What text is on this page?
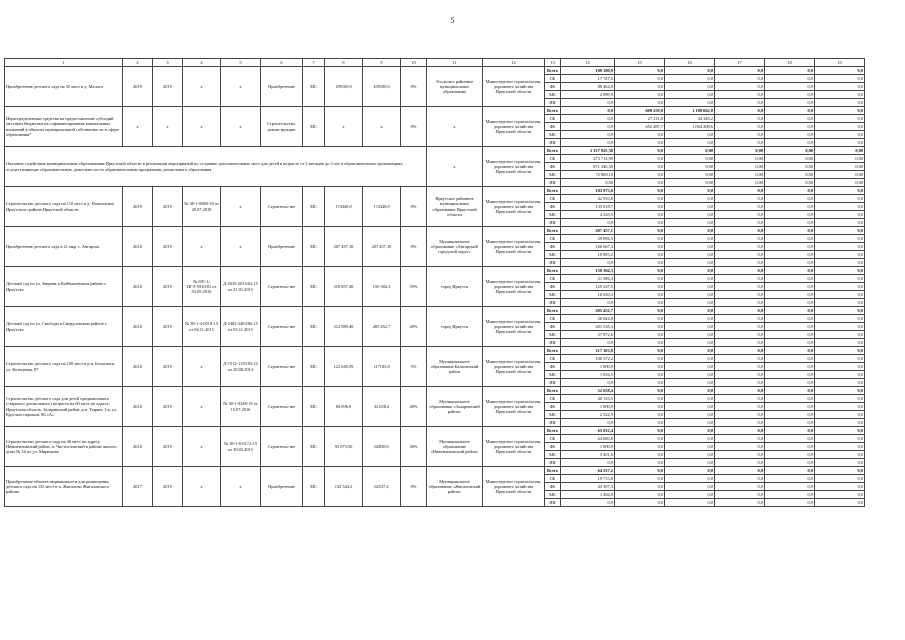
5
1	2	3	4	5	6	7	8	9	10	11	12	13	14	15	16	17	18	19
Приобретение детского сада на 35 мест в д. Малота	2019	2019	х	х	Приобретение	МС	109100,9	109100,9	0%	Усольское районное муниципальное образование	Министерство строительства, дорожного хозяйства Иркутской области	Всего	109 100,9	0,0	0,0	0,0	0,0	0,0
												ОБ	17 747,0	0,0	0,0	0,0	0,0	0,0
												ФБ	88 464,0	0,0	0,0	0,0	0,0	0,0
												МБ	2 889,9	0,0	0,0	0,0	0,0	0,0
												ИИ	0,0	0,0	0,0	0,0	0,0	0,0
Нераспределенные средства на предоставление субсидий местным бюджетам на софинансирование капитальных вложений в объекты муниципальной собственности в сфере образования*	х	х	х	х	Строительство, реконструкция	МС	х	х	0%	х	Министерство строительства, дорожного хозяйства Иркутской области	Всего	0,0	609 259,8	1 108 662,8	0,0	0,0	0,0
												ОБ	0,0	27 211,8	44 348,2	0,0	0,0	0,0
												ФБ	0,0	652 487,7	1 064 208,6	0,0	0,0	0,0
												МБ	0,0	0,0	0,0	0,0	0,0	0,0
												ИИ	0,0	0,0	0,0	0,0	0,0	0,0
Оказание содействия муниципальным образованиям Иркутской области в реализации мероприятий по созданию дополнительных мест для детей в возрасте от 2 месяцев до 3 лет в образовательных организациях, осуществляющих образовательную деятельность по образовательным программам дошкольного образования										х	Министерство строительства, дорожного хозяйства Иркутской области	Всего	1 157 925,38	0,0	0,00	0,00	0,00	0,00
												ОБ	273 713,99	0,0	0,00	0,00	0,00	0,00
												ФБ	871 346,39	0,0	0,00	0,00	0,00	0,00
												МБ	72 869,10	0,0	0,00	0,00	0,00	0,00
												ИИ	0,00	0,0	0,00	0,00	0,00	0,00
Строительство детского сада на 110 мест в д. Новолисиха Иркутского района Иркутской области	2019	2019	№ 38-1-0680-18 от 20.07.2018	х	Строительство	МС	174348,9	174348,9	0%	Иркутское районное муниципальное образование Иркутской области	Министерство строительства, дорожного хозяйства Иркутской области	Всего	183 973,6	0,0	0,0	0,0	0,0	0,0
												ОБ	42 910,8	0,0	0,0	0,0	0,0	0,0
												ФБ	135 818,7	0,0	0,0	0,0	0,0	0,0
												МБ	4 243,5	0,0	0,0	0,0	0,0	0,0
												ИИ	0,0	0,0	0,0	0,0	0,0	0,0
Приобретение детского сада в 21 мкр. г. Ангарска	2018	2019	х	х	Приобретение	МС	207 457,10	207 457,10	0%	Муниципальное образование «Ангарский городской округ»	Министерство строительства, дорожного хозяйства Иркутской области	Всего	207 457,1	0,0	0,0	0,0	0,0	0,0
												ОБ	29 096,5	0,0	0,0	0,0	0,0	0,0
												ФБ	166 667,4	0,0	0,0	0,0	0,0	0,0
												МБ	10 893,2	0,0	0,0	0,0	0,0	0,0
												ИИ	0,0	0,0	0,0	0,0	0,0	0,0
Детский сад по ул. Зверева в Куйбышевском районе г. Иркутска	2018	2019	№ 691-1/ИГЭ-5910/01 от 03.05.2016	Д-2635-2015/02.15 от 21.01.2015	Строительство	МС	318 857,40	150 384,3	59%	город Иркутск	Министерство строительства, дорожного хозяйства Иркутской области	Всего	150 384,3	0,0	0,0	0,0	0,0	0,0
												ОБ	21 586,4	0,0	0,0	0,0	0,0	0,0
												ФБ	129 247,5	0,0	0,0	0,0	0,0	0,0
												МБ	16 630,4	0,0	0,0	0,0	0,0	0,0
												ИИ	0,0	0,0	0,0	0,0	0,0	0,0
Детский сад по ул. Свободы в Свердловском районе г. Иркутска	2018	2019	№ 38-1-4-0518-15 от 04.11.2015	Д-2402-2403/06.15 от 05.11.2015	Строительство	МС	312 989,40	205 452,7	20%	город Иркутск	Министерство строительства, дорожного хозяйства Иркутской области	Всего	205 452,7	0,0	0,0	0,0	0,0	0,0
												ОБ	26 044,8	0,0	0,0	0,0	0,0	0,0
												ФБ	201 535,3	0,0	0,0	0,0	0,0	0,0
												МБ	27 872,6	0,0	0,0	0,0	0,0	0,0
												ИИ	0,0	0,0	0,0	0,0	0,0	0,0
Строительство детского сада на 100 мест в р.п. Балаганск, ул. Кольцевая, 97	2018	2019	х	Д-1512-1155/03.14 от 28.08.2014	Строительство	МС	122 640,59	117103,8	5%	Муниципальное образование Балаганский район	Министерство строительства, дорожного хозяйства Иркутской области	Всего	117 103,8	0,0	0,0	0,0	0,0	0,0
												ОБ	100 372,2	0,0	0,0	0,0	0,0	0,0
												ФБ	1 000,0	0,0	0,0	0,0	0,0	0,0
												МБ	1 816,5	0,0	0,0	0,0	0,0	0,0
												ИИ	0,0	0,0	0,0	0,0	0,0	0,0
Строительство детского сада для детей предшкольного (старшего дошкольного) возраста на 60 мест по адресу: Иркутская область, Заларинский район, р.п. Тырять 1-я, ул. Круглых паромов, 86 «А»	2018	2019	х	№ 38-1-0348-16 от 10.07.2016	Строительство	МС	84 096,0	32 658,4	40%	Муниципальное образование «Заларинский район»	Министерство строительства, дорожного хозяйства Иркутской области	Всего	52 658,4	0,0	0,0	0,0	0,0	0,0
												ОБ	40 133,5	0,0	0,0	0,0	0,0	0,0
												ФБ	1 000,0	0,0	0,0	0,0	0,0	0,0
												МБ	2 522,9	0,0	0,0	0,0	0,0	0,0
												ИИ	0,0	0,0	0,0	0,0	0,0	0,0
Строительство детского сада на 40 мест по адресу: Нижнеилимский район, п. Чистохловский в районе жилого дома № 16 по ул. Мирюкова	2018	2019	х	№ 38-1-6-0172-15 от 30.03.2015	Строительство	МС	93 073,50	64830,8	30%	Муниципальное образование «Нижнеилимский район»	Министерство строительства, дорожного хозяйства Иркутской области	Всего	65 032,4	0,0	0,0	0,0	0,0	0,0
												ОБ	64 680,8	0,0	0,0	0,0	0,0	0,0
												ФБ	1 000,0	0,0	0,0	0,0	0,0	0,0
												МБ	3 401,6	0,0	0,0	0,0	0,0	0,0
												ИИ	0,0	0,0	0,0	0,0	0,0	0,0
Приобретение объекта недвижимости для размещения детского сада на 135 мест в п. Жигалово Жигаловского района	2017	2019	х	х	Приобретение	МС	132 344,3	64537,2	0%	Муниципальное образование «Жигаловский район»	Министерство строительства, дорожного хозяйства Иркутской области	Всего	64 537,2	0,0	0,0	0,0	0,0	0,0
												ОБ	19 715,8	0,0	0,0	0,0	0,0	0,0
												ФБ	43 397,3	0,0	0,0	0,0	0,0	0,0
												МБ	1 484,0	0,0	0,0	0,0	0,0	0,0
												ИИ	0,0	0,0	0,0	0,0	0,0	0,0
